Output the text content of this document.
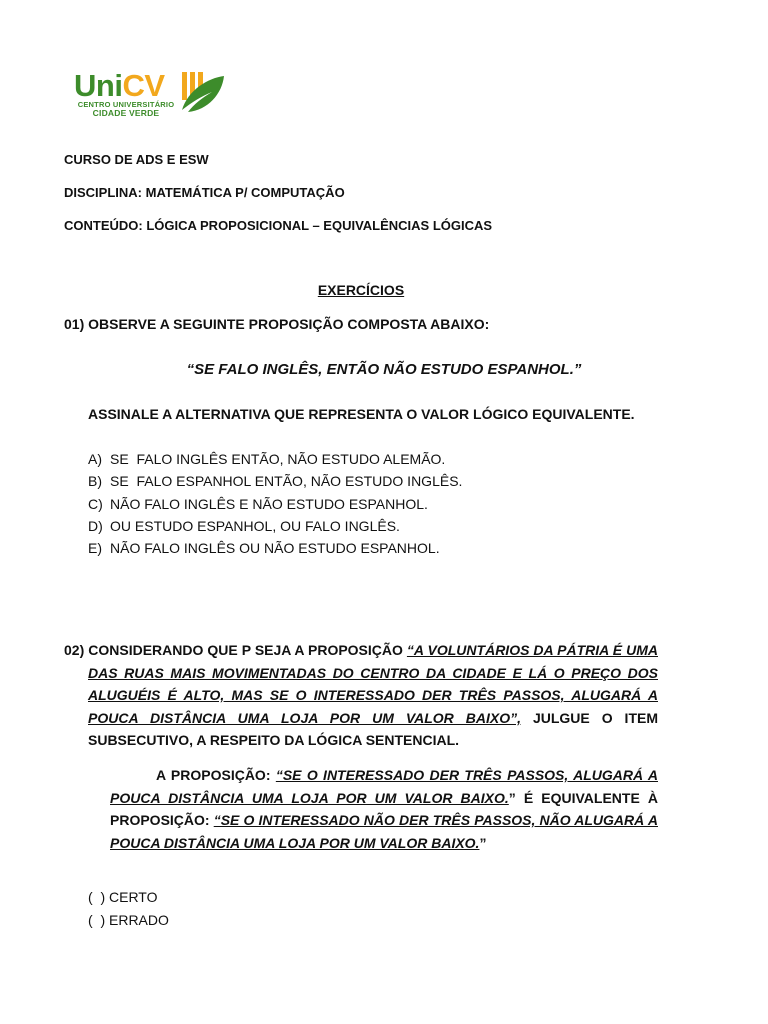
UniCV
CENTRO UNIVERSITÁRIO
CIDADE VERDE
CURSO DE ADS E ESW
DISCIPLINA: MATEMÁTICA P/ COMPUTAÇÃO
CONTEÚDO: LÓGICA PROPOSICIONAL – EQUIVALÊNCIAS LÓGICAS
EXERCÍCIOS
01) OBSERVE A SEGUINTE PROPOSIÇÃO COMPOSTA ABAIXO:
“SE FALO INGLÊS, ENTÃO NÃO ESTUDO ESPANHOL.”
ASSINALE A ALTERNATIVA QUE REPRESENTA O VALOR LÓGICO EQUIVALENTE.
A) SE  FALO INGLÊS ENTÃO, NÃO ESTUDO ALEMÃO.
B) SE  FALO ESPANHOL ENTÃO, NÃO ESTUDO INGLÊS.
C) NÃO FALO INGLÊS E NÃO ESTUDO ESPANHOL.
D) OU ESTUDO ESPANHOL, OU FALO INGLÊS.
E) NÃO FALO INGLÊS OU NÃO ESTUDO ESPANHOL.
02) CONSIDERANDO QUE P SEJA A PROPOSIÇÃO “A VOLUNTÁRIOS DA PÁTRIA É UMA DAS RUAS MAIS MOVIMENTADAS DO CENTRO DA CIDADE E LÁ O PREÇO DOS ALUGUÉIS É ALTO, MAS SE O INTERESSADO DER TRÊS PASSOS, ALUGARÁ A POUCA DISTÂNCIA UMA LOJA POR UM VALOR BAIXO”, JULGUE O ITEM SUBSECUTIVO, A RESPEITO DA LÓGICA SENTENCIAL.
A PROPOSIÇÃO: “SE O INTERESSADO DER TRÊS PASSOS, ALUGARÁ A POUCA DISTÂNCIA UMA LOJA POR UM VALOR BAIXO.” É EQUIVALENTE À PROPOSIÇÃO: “SE O INTERESSADO NÃO DER TRÊS PASSOS, NÃO ALUGARÁ A POUCA DISTÂNCIA UMA LOJA POR UM VALOR BAIXO.”
(  ) CERTO
(  ) ERRADO
